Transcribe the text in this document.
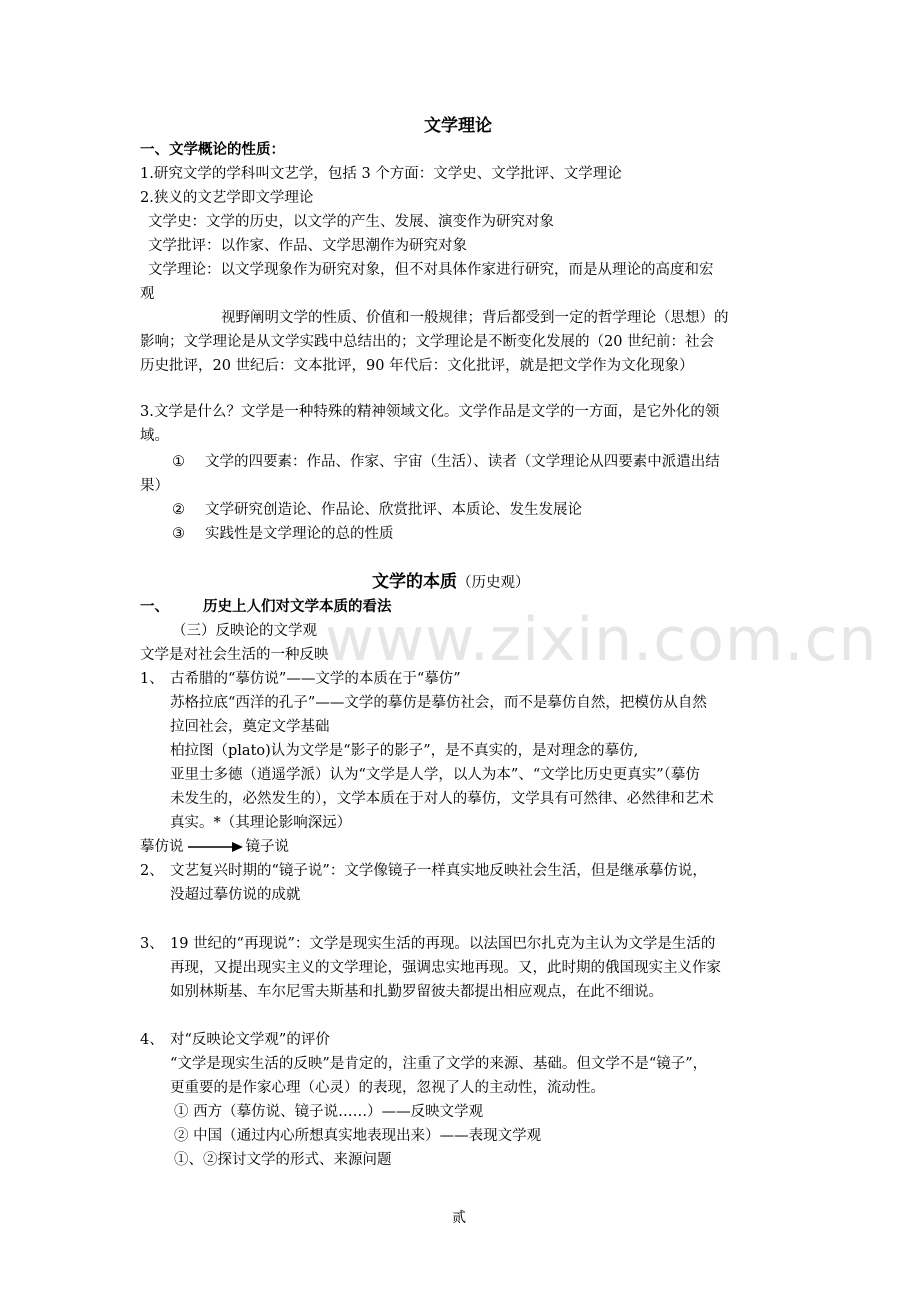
www.zixin.com.cn
文学理论
一、文学概论的性质：
1.研究文学的学科叫文艺学，包括 3 个方面：文学史、文学批评、文学理论
2.狭义的文艺学即文学理论
文学史：文学的历史，以文学的产生、发展、演变作为研究对象
文学批评：以作家、作品、文学思潮作为研究对象
文学理论：以文学现象作为研究对象，但不对具体作家进行研究，而是从理论的高度和宏
观
视野阐明文学的性质、价值和一般规律；背后都受到一定的哲学理论（思想）的
影响；文学理论是从文学实践中总结出的；文学理论是不断变化发展的（20 世纪前：社会
历史批评，20 世纪后：文本批评，90 年代后：文化批评，就是把文学作为文化现象）
3.文学是什么？文学是一种特殊的精神领域文化。文学作品是文学的一方面，是它外化的领
域。
① 文学的四要素：作品、作家、宇宙（生活）、读者（文学理论从四要素中派遣出结
果）
② 文学研究创造论、作品论、欣赏批评、本质论、发生发展论
③ 实践性是文学理论的总的性质
文学的本质（历史观）
一、 历史上人们对文学本质的看法
（三）反映论的文学观
文学是对社会生活的一种反映
1、 古希腊的“摹仿说”——文学的本质在于“摹仿”
苏格拉底“西洋的孔子”——文学的摹仿是摹仿社会，而不是摹仿自然，把模仿从自然
拉回社会，奠定文学基础
柏拉图（plato)认为文学是“影子的影子”，是不真实的，是对理念的摹仿,
亚里士多德（逍遥学派）认为“文学是人学，以人为本”、“文学比历史更真实”（摹仿
未发生的，必然发生的），文学本质在于对人的摹仿，文学具有可然律、必然律和艺术
真实。*（其理论影响深远）
摹仿说	镜子说
2、 文艺复兴时期的“镜子说”：文学像镜子一样真实地反映社会生活，但是继承摹仿说，
没超过摹仿说的成就
3、 19 世纪的“再现说”：文学是现实生活的再现。以法国巴尔扎克为主认为文学是生活的
再现，又提出现实主义的文学理论，强调忠实地再现。又，此时期的俄国现实主义作家
如别林斯基、车尔尼雪夫斯基和扎勤罗留彼夫都提出相应观点，在此不细说。
4、 对“反映论文学观”的评价
“文学是现实生活的反映”是肯定的，注重了文学的来源、基础。但文学不是“镜子”，
更重要的是作家心理（心灵）的表现，忽视了人的主动性，流动性。
① 西方（摹仿说、镜子说……）——反映文学观
② 中国（通过内心所想真实地表现出来）——表现文学观
①、②探讨文学的形式、来源问题
贰
